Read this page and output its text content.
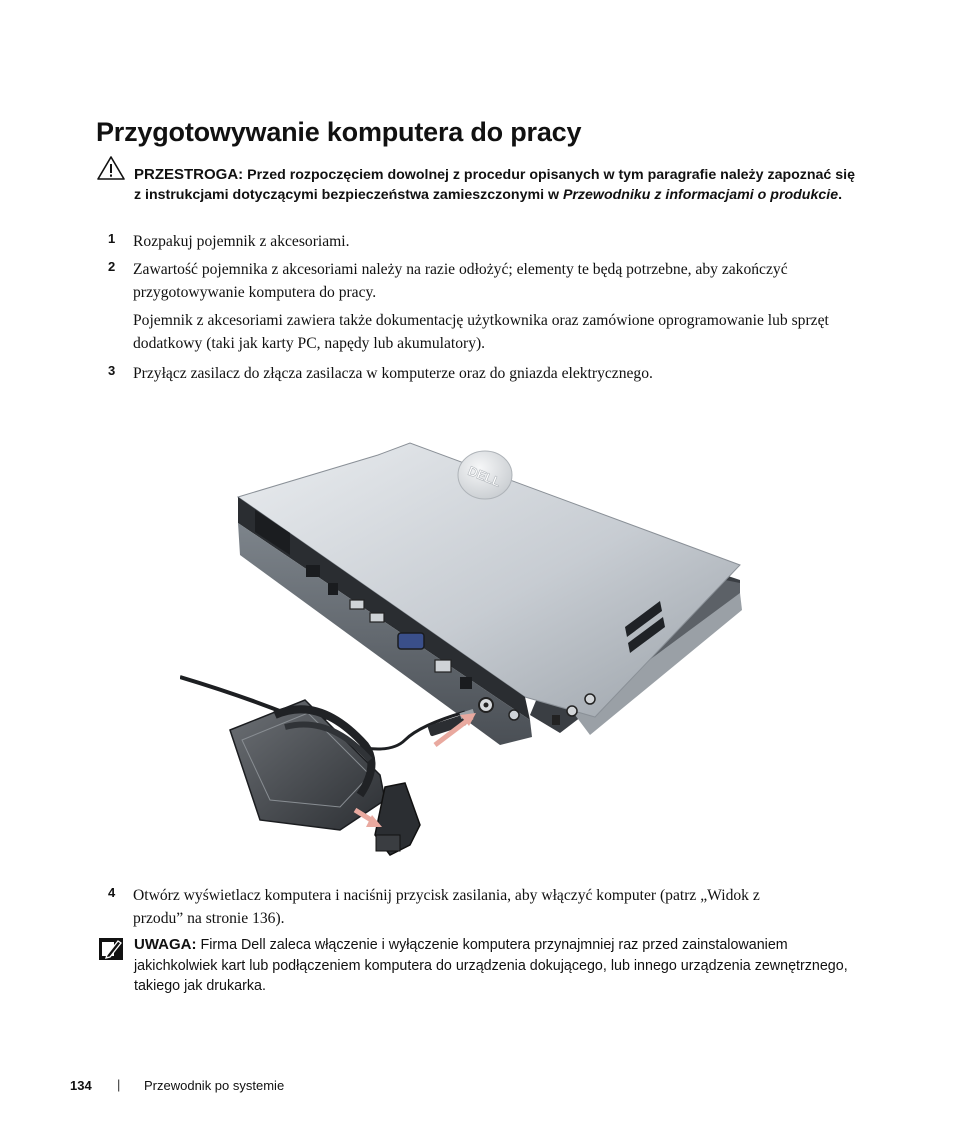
Przygotowywanie komputera do pracy
PRZESTROGA: Przed rozpoczęciem dowolnej z procedur opisanych w tym paragrafie należy zapoznać się z instrukcjami dotyczącymi bezpieczeństwa zamieszczonymi w Przewodniku z informacjami o produkcie.
1 Rozpakuj pojemnik z akcesoriami.
2 Zawartość pojemnika z akcesoriami należy na razie odłożyć; elementy te będą potrzebne, aby zakończyć przygotowywanie komputera do pracy.
Pojemnik z akcesoriami zawiera także dokumentację użytkownika oraz zamówione oprogramowanie lub sprzęt dodatkowy (taki jak karty PC, napędy lub akumulatory).
3 Przyłącz zasilacz do złącza zasilacza w komputerze oraz do gniazda elektrycznego.
DELL
4 Otwórz wyświetlacz komputera i naciśnij przycisk zasilania, aby włączyć komputer (patrz „Widok z przodu” na stronie 136).
UWAGA: Firma Dell zaleca włączenie i wyłączenie komputera przynajmniej raz przed zainstalowaniem jakichkolwiek kart lub podłączeniem komputera do urządzenia dokującego, lub innego urządzenia zewnętrznego, takiego jak drukarka.
134 | Przewodnik po systemie
